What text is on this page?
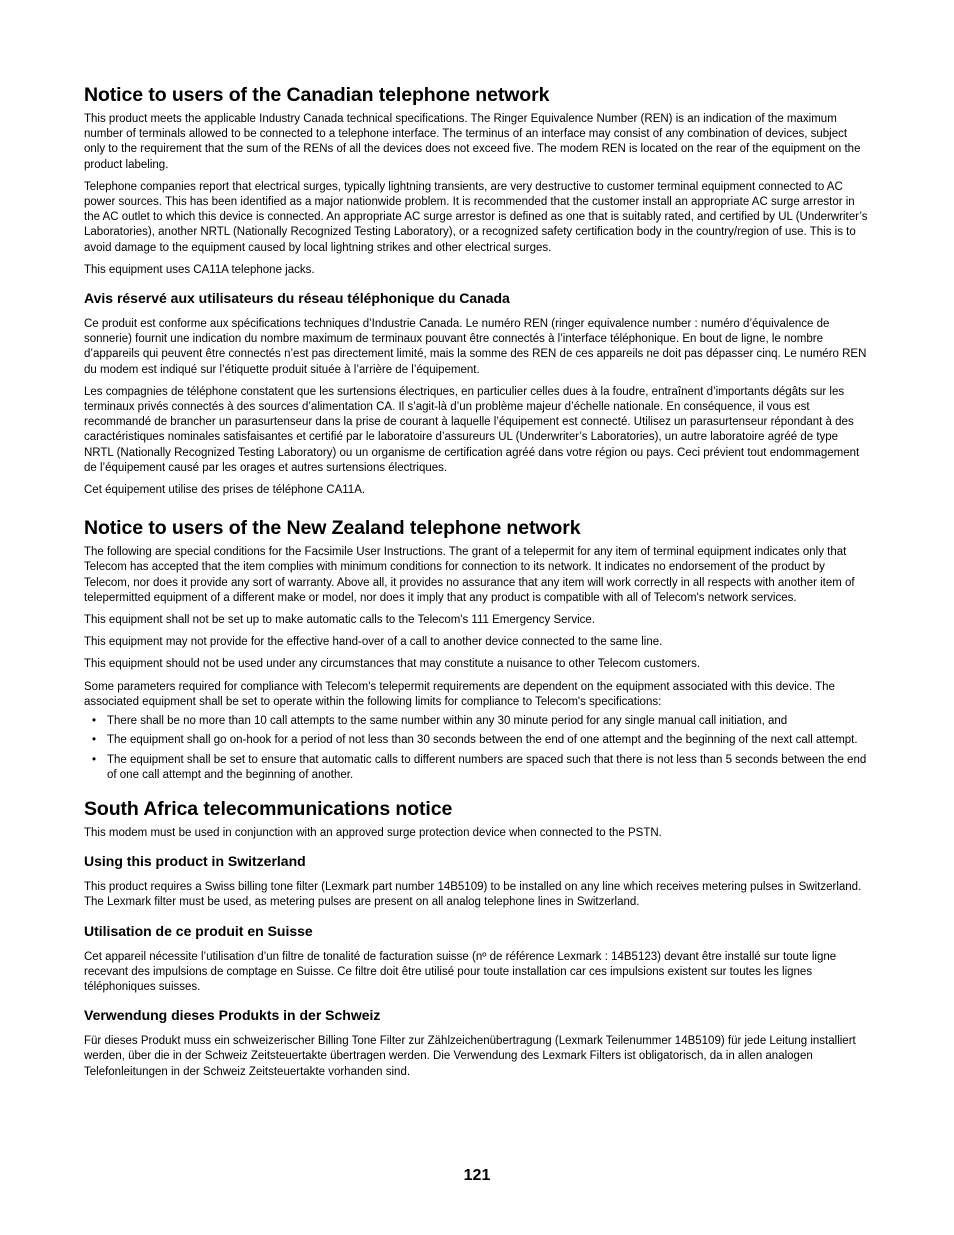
Notice to users of the Canadian telephone network

This product meets the applicable Industry Canada technical specifications. The Ringer Equivalence Number (REN) is an indication of the maximum number of terminals allowed to be connected to a telephone interface. The terminus of an interface may consist of any combination of devices, subject only to the requirement that the sum of the RENs of all the devices does not exceed five. The modem REN is located on the rear of the equipment on the product labeling.

Telephone companies report that electrical surges, typically lightning transients, are very destructive to customer terminal equipment connected to AC power sources. This has been identified as a major nationwide problem. It is recommended that the customer install an appropriate AC surge arrestor in the AC outlet to which this device is connected. An appropriate AC surge arrestor is defined as one that is suitably rated, and certified by UL (Underwriter’s Laboratories), another NRTL (Nationally Recognized Testing Laboratory), or a recognized safety certification body in the country/region of use. This is to avoid damage to the equipment caused by local lightning strikes and other electrical surges.

This equipment uses CA11A telephone jacks.

Avis réservé aux utilisateurs du réseau téléphonique du Canada

Ce produit est conforme aux spécifications techniques d’Industrie Canada. Le numéro REN (ringer equivalence number : numéro d’équivalence de sonnerie) fournit une indication du nombre maximum de terminaux pouvant être connectés à l’interface téléphonique. En bout de ligne, le nombre d’appareils qui peuvent être connectés n’est pas directement limité, mais la somme des REN de ces appareils ne doit pas dépasser cinq. Le numéro REN du modem est indiqué sur l’étiquette produit située à l’arrière de l’équipement.

Les compagnies de téléphone constatent que les surtensions électriques, en particulier celles dues à la foudre, entraînent d’importants dégâts sur les terminaux privés connectés à des sources d’alimentation CA. Il s’agit-là d’un problème majeur d’échelle nationale. En conséquence, il vous est recommandé de brancher un parasurtenseur dans la prise de courant à laquelle l’équipement est connecté. Utilisez un parasurtenseur répondant à des caractéristiques nominales satisfaisantes et certifié par le laboratoire d’assureurs UL (Underwriter’s Laboratories), un autre laboratoire agréé de type NRTL (Nationally Recognized Testing Laboratory) ou un organisme de certification agréé dans votre région ou pays. Ceci prévient tout endommagement de l’équipement causé par les orages et autres surtensions électriques.

Cet équipement utilise des prises de téléphone CA11A.

Notice to users of the New Zealand telephone network

The following are special conditions for the Facsimile User Instructions. The grant of a telepermit for any item of terminal equipment indicates only that Telecom has accepted that the item complies with minimum conditions for connection to its network. It indicates no endorsement of the product by Telecom, nor does it provide any sort of warranty. Above all, it provides no assurance that any item will work correctly in all respects with another item of telepermitted equipment of a different make or model, nor does it imply that any product is compatible with all of Telecom's network services.

This equipment shall not be set up to make automatic calls to the Telecom's 111 Emergency Service.

This equipment may not provide for the effective hand-over of a call to another device connected to the same line.

This equipment should not be used under any circumstances that may constitute a nuisance to other Telecom customers.

Some parameters required for compliance with Telecom's telepermit requirements are dependent on the equipment associated with this device. The associated equipment shall be set to operate within the following limits for compliance to Telecom's specifications:

• There shall be no more than 10 call attempts to the same number within any 30 minute period for any single manual call initiation, and
• The equipment shall go on-hook for a period of not less than 30 seconds between the end of one attempt and the beginning of the next call attempt.
• The equipment shall be set to ensure that automatic calls to different numbers are spaced such that there is not less than 5 seconds between the end of one call attempt and the beginning of another.
South Africa telecommunications notice

This modem must be used in conjunction with an approved surge protection device when connected to the PSTN.

Using this product in Switzerland

This product requires a Swiss billing tone filter (Lexmark part number 14B5109) to be installed on any line which receives metering pulses in Switzerland. The Lexmark filter must be used, as metering pulses are present on all analog telephone lines in Switzerland.

Utilisation de ce produit en Suisse

Cet appareil nécessite l’utilisation d’un filtre de tonalité de facturation suisse (nº de référence Lexmark : 14B5123) devant être installé sur toute ligne recevant des impulsions de comptage en Suisse. Ce filtre doit être utilisé pour toute installation car ces impulsions existent sur toutes les lignes téléphoniques suisses.

Verwendung dieses Produkts in der Schweiz

Für dieses Produkt muss ein schweizerischer Billing Tone Filter zur Zählzeichenübertragung (Lexmark Teilenummer 14B5109) für jede Leitung installiert werden, über die in der Schweiz Zeitsteuertakte übertragen werden. Die Verwendung des Lexmark Filters ist obligatorisch, da in allen analogen Telefonleitungen in der Schweiz Zeitsteuertakte vorhanden sind.

121
